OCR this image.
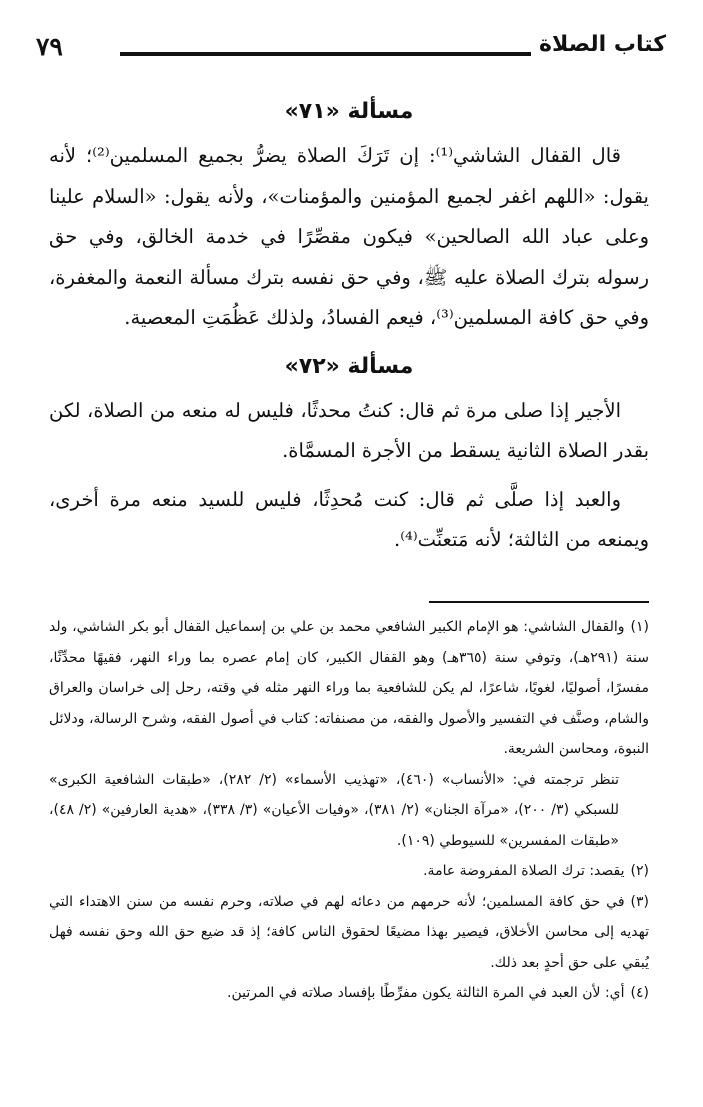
٧٩	كتاب الصلاة
مسألة «٧١»

قال القفال الشاشي⁽¹⁾: إن تَرَكَ الصلاة يضرُّ بجميع المسلمين⁽²⁾؛ لأنه يقول: «اللهم اغفر لجميع المؤمنين والمؤمنات»، ولأنه يقول: «السلام علينا وعلى عباد الله الصالحين» فيكون مقصِّرًا في خدمة الخالق، وفي حق رسوله بترك الصلاة عليه ﷺ، وفي حق نفسه بترك مسألة النعمة والمغفرة، وفي حق كافة المسلمين⁽³⁾، فيعم الفسادُ، ولذلك عَظُمَتِ المعصية.

مسألة «٧٢»

الأجير إذا صلى مرة ثم قال: كنتُ محدثًا، فليس له منعه من الصلاة، لكن بقدر الصلاة الثانية يسقط من الأجرة المسمَّاة.

والعبد إذا صلَّى ثم قال: كنت مُحدِثًا، فليس للسيد منعه مرة أخرى، ويمنعه من الثالثة؛ لأنه مَتعنِّت⁽⁴⁾.

(١)والقفال الشاشي: هو الإمام الكبير الشافعي محمد بن علي بن إسماعيل القفال أبو بكر الشاشي، ولد سنة (٢٩١هـ)، وتوفي سنة (٣٦٥هـ) وهو القفال الكبير، كان إمام عصره بما وراء النهر، فقيهًا محدِّثًا، مفسرًا، أصوليًا، لغويًا، شاعرًا، لم يكن للشافعية بما وراء النهر مثله في وقته، رحل إلى خراسان والعراق والشام، وصنَّف في التفسير والأصول والفقه، من مصنفاته: كتاب في أصول الفقه، وشرح الرسالة، ودلائل النبوة، ومحاسن الشريعة.

تنظر ترجمته في: «الأنساب» (٤٦٠)، «تهذيب الأسماء» (٢/ ٢٨٢)، «طبقات الشافعية الكبرى» للسبكي (٣/ ٢٠٠)، «مرآة الجنان» (٢/ ٣٨١)، «وفيات الأعيان» (٣/ ٣٣٨)، «هدية العارفين» (٢/ ٤٨)، «طبقات المفسرين» للسيوطي (١٠٩).

(٢)يقصد: ترك الصلاة المفروضة عامة.

(٣)في حق كافة المسلمين؛ لأنه حرمهم من دعائه لهم في صلاته، وحرم نفسه من سنن الاهتداء التي تهديه إلى محاسن الأخلاق، فيصير بهذا مضيعًا لحقوق الناس كافة؛ إذ قد ضيع حق الله وحق نفسه فهل يُبقي على حق أحدٍ بعد ذلك.

(٤)أي: لأن العبد في المرة الثالثة يكون مفرِّطًا بإفساد صلاته في المرتين.
